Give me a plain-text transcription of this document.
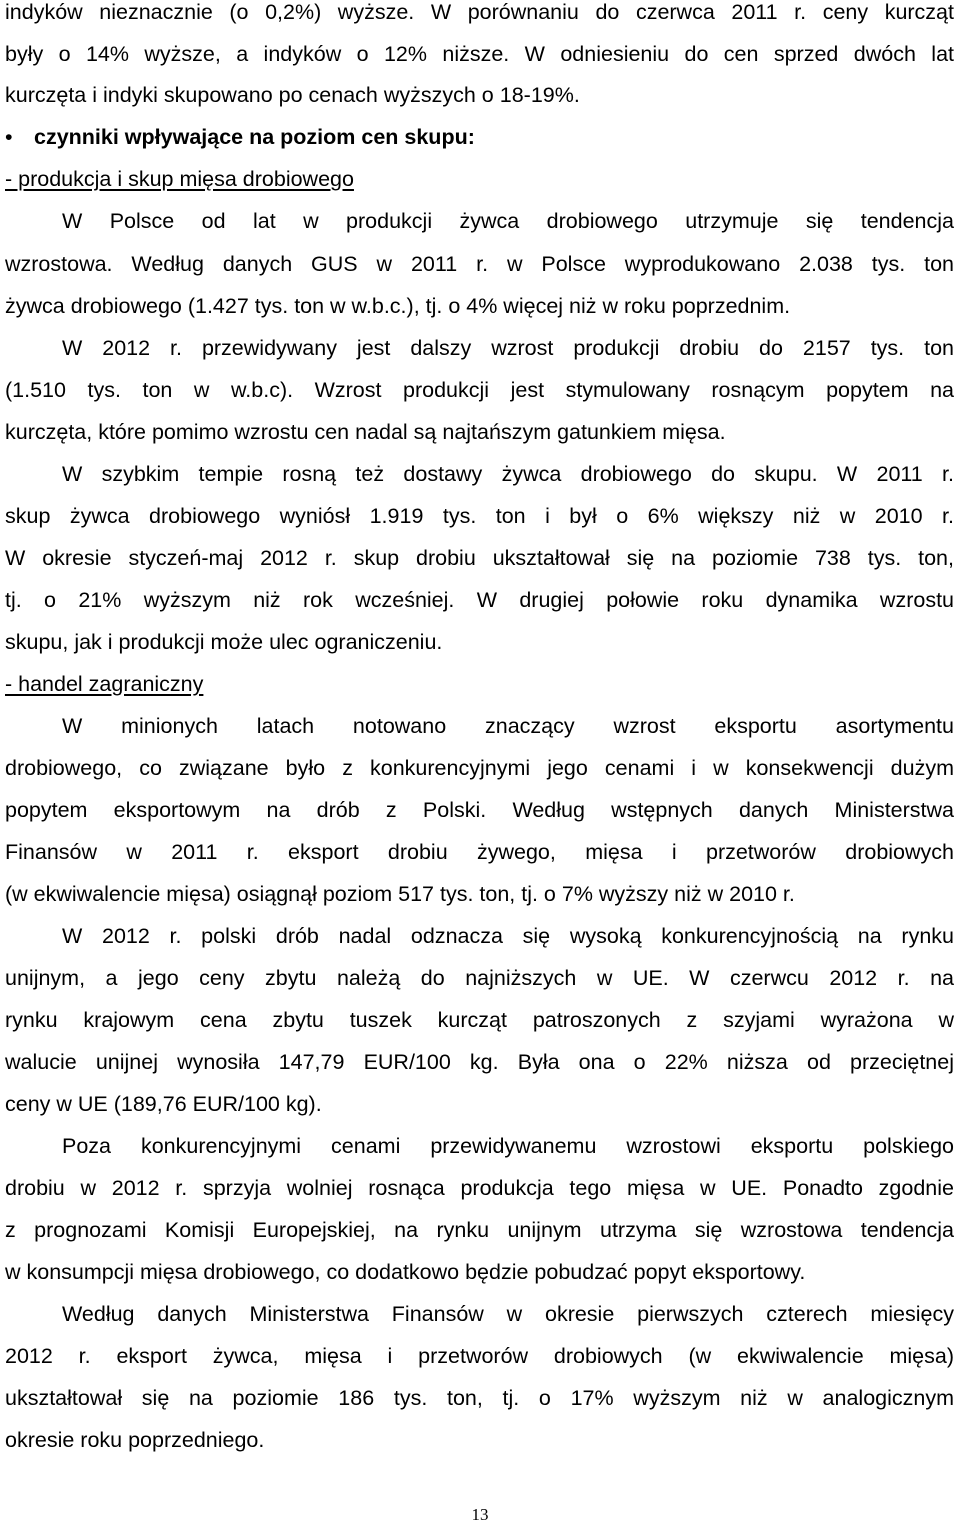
indyków nieznacznie (o 0,2%) wyższe. W porównaniu do czerwca 2011 r. ceny kurcząt
były o 14% wyższe, a indyków o 12% niższe. W odniesieniu do cen sprzed dwóch lat
kurczęta i indyki skupowano po cenach wyższych o 18-19%.
• czynniki wpływające na poziom cen skupu:
- produkcja i skup mięsa drobiowego
W Polsce od lat w produkcji żywca drobiowego utrzymuje się tendencja
wzrostowa. Według danych GUS w 2011 r. w Polsce wyprodukowano 2.038 tys. ton
żywca drobiowego (1.427 tys. ton w w.b.c.), tj. o 4% więcej niż w roku poprzednim.
W 2012 r. przewidywany jest dalszy wzrost produkcji drobiu do 2157 tys. ton
(1.510 tys. ton w w.b.c). Wzrost produkcji jest stymulowany rosnącym popytem na
kurczęta, które pomimo wzrostu cen nadal są najtańszym gatunkiem mięsa.
W szybkim tempie rosną też dostawy żywca drobiowego do skupu. W 2011 r.
skup żywca drobiowego wyniósł 1.919 tys. ton i był o 6% większy niż w 2010 r.
W okresie styczeń-maj 2012 r. skup drobiu ukształtował się na poziomie 738 tys. ton,
tj. o 21% wyższym niż rok wcześniej. W drugiej połowie roku dynamika wzrostu
skupu, jak i produkcji może ulec ograniczeniu.
- handel zagraniczny
W minionych latach notowano znaczący wzrost eksportu asortymentu
drobiowego, co związane było z konkurencyjnymi jego cenami i w konsekwencji dużym
popytem eksportowym na drób z Polski. Według wstępnych danych Ministerstwa
Finansów w 2011 r. eksport drobiu żywego, mięsa i przetworów drobiowych
(w ekwiwalencie mięsa) osiągnął poziom 517 tys. ton, tj. o 7% wyższy niż w 2010 r.
W 2012 r. polski drób nadal odznacza się wysoką konkurencyjnością na rynku
unijnym, a jego ceny zbytu należą do najniższych w UE. W czerwcu 2012 r. na
rynku krajowym cena zbytu tuszek kurcząt patroszonych z szyjami wyrażona w
walucie unijnej wynosiła 147,79 EUR/100 kg. Była ona o 22% niższa od przeciętnej
ceny w UE (189,76 EUR/100 kg).
Poza konkurencyjnymi cenami przewidywanemu wzrostowi eksportu polskiego
drobiu w 2012 r. sprzyja wolniej rosnąca produkcja tego mięsa w UE. Ponadto zgodnie
z prognozami Komisji Europejskiej, na rynku unijnym utrzyma się wzrostowa tendencja
w konsumpcji mięsa drobiowego, co dodatkowo będzie pobudzać popyt eksportowy.
Według danych Ministerstwa Finansów w okresie pierwszych czterech miesięcy
2012 r. eksport żywca, mięsa i przetworów drobiowych (w ekwiwalencie mięsa)
ukształtował się na poziomie 186 tys. ton, tj. o 17% wyższym niż w analogicznym
okresie roku poprzedniego.
13
